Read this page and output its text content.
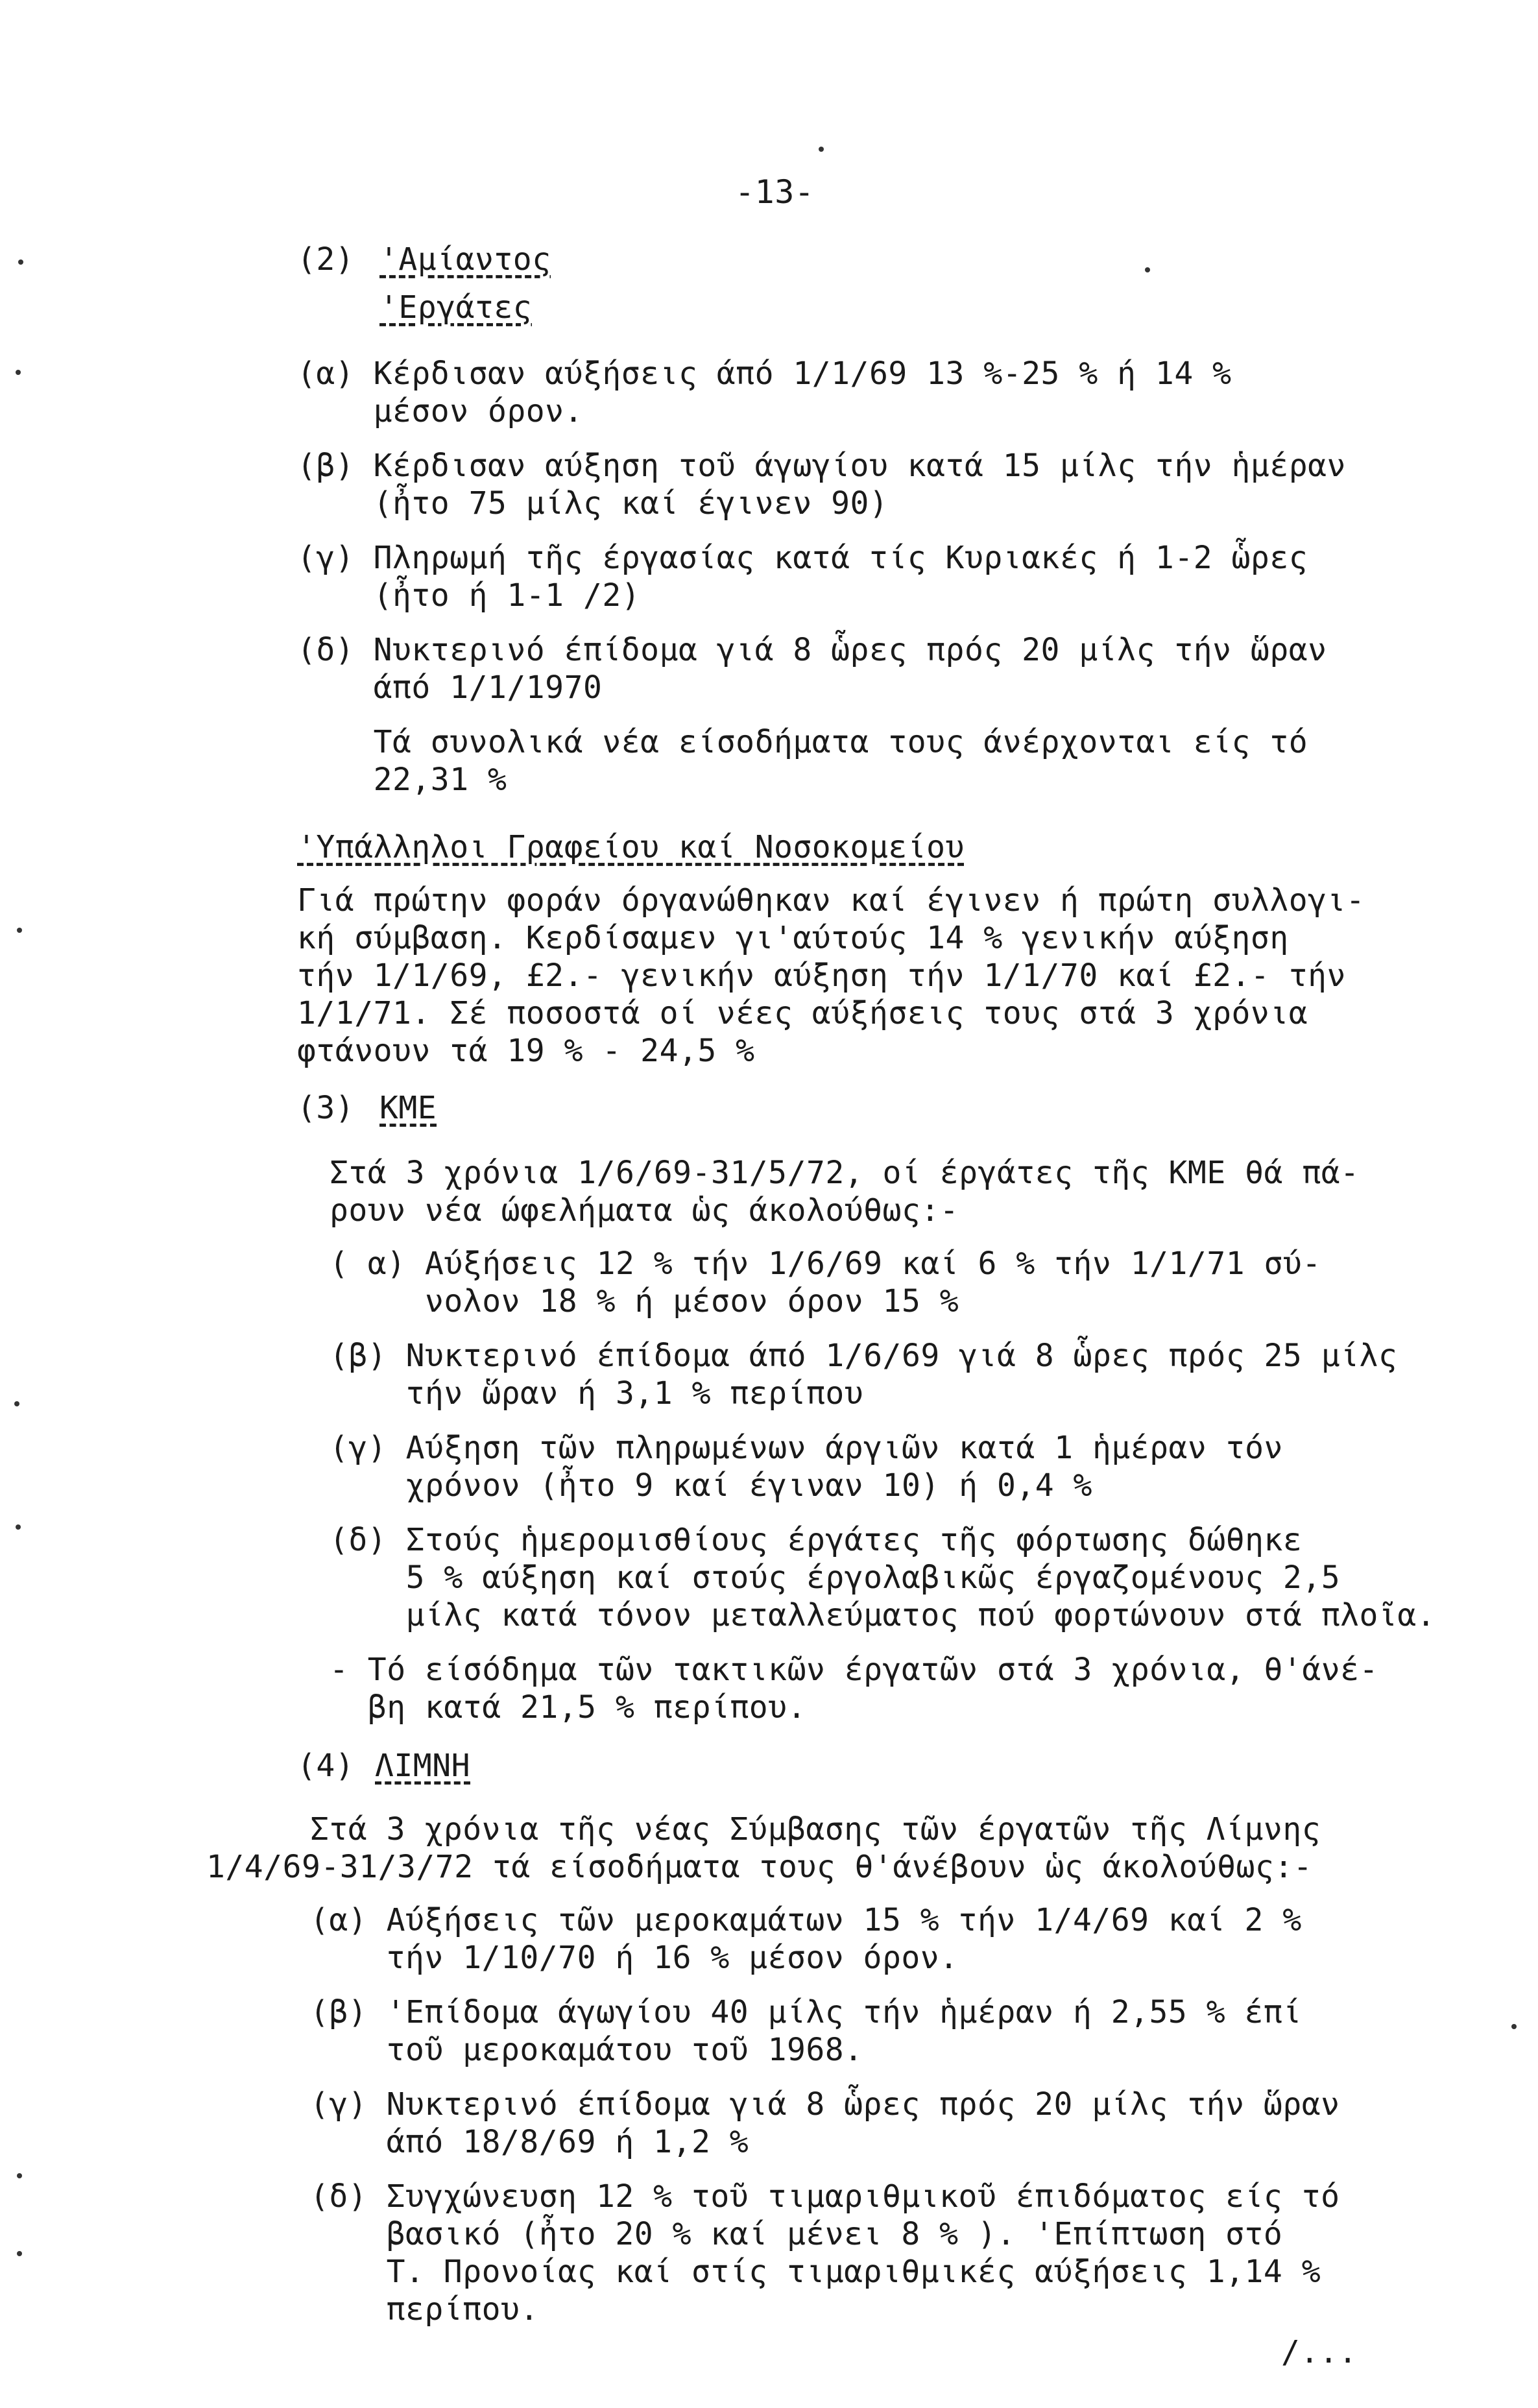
-13-
(2) 'Αμίαντος
'Εργάτες
(α) Κέρδισαν αύξήσεις άπό 1/1/69 13 %-25 % ή 14 %
μέσον όρον.
(β) Κέρδισαν αύξηση τοῦ άγωγίου κατά 15 μίλς τήν ἡμέραν
(ἦτο 75 μίλς καί έγινεν 90)
(γ) Πληρωμή τῆς έργασίας κατά τίς Κυριακές ή 1-2 ὧρες
(ἦτο ή 1-1 /2)
(δ) Νυκτερινό έπίδομα γιά 8 ὧρες πρός 20 μίλς τήν ὥραν
άπό 1/1/1970
Τά συνολικά νέα είσοδήματα τους άνέρχονται είς τό
22,31 %
'Υπάλληλοι Γραφείου καί Νοσοκομείου
Γιά πρώτην φοράν όργανώθηκαν καί έγινεν ή πρώτη συλλογι-
κή σύμβαση. Κερδίσαμεν γι'αύτούς 14 % γενικήν αύξηση
τήν 1/1/69, £2.- γενικήν αύξηση τήν 1/1/70 καί £2.- τήν
1/1/71. Σέ ποσοστά οί νέες αύξήσεις τους στά 3 χρόνια
φτάνουν τά 19 % - 24,5 %
(3) ΚΜΕ
Στά 3 χρόνια 1/6/69-31/5/72, οί έργάτες τῆς ΚΜΕ θά πά-
ρουν νέα ώφελήματα ὡς άκολούθως:-
( α) Αύξήσεις 12 % τήν 1/6/69 καί 6 % τήν 1/1/71 σύ-
νολον 18 % ή μέσον όρον 15 %
(β) Νυκτερινό έπίδομα άπό 1/6/69 γιά 8 ὧρες πρός 25 μίλς
τήν ὥραν ή 3,1 % περίπου
(γ) Αύξηση τῶν πληρωμένων άργιῶν κατά 1 ἡμέραν τόν
χρόνον (ἦτο 9 καί έγιναν 10) ή 0,4 %
(δ) Στούς ἡμερομισθίους έργάτες τῆς φόρτωσης δώθηκε
5 % αύξηση καί στούς έργολαβικῶς έργαζομένους 2,5
μίλς κατά τόνον μεταλλεύματος πού φορτώνουν στά πλοῖα.
- Τό είσόδημα τῶν τακτικῶν έργατῶν στά 3 χρόνια, θ'άνέ-
βη κατά 21,5 % περίπου.
(4) ΛΙΜΝΗ
Στά 3 χρόνια τῆς νέας Σύμβασης τῶν έργατῶν τῆς Λίμνης
1/4/69-31/3/72 τά είσοδήματα τους θ'άνέβουν ὡς άκολούθως:-
(α) Αύξήσεις τῶν μεροκαμάτων 15 % τήν 1/4/69 καί 2 %
τήν 1/10/70 ή 16 % μέσον όρον.
(β) 'Επίδομα άγωγίου 40 μίλς τήν ἡμέραν ή 2,55 % έπί
τοῦ μεροκαμάτου τοῦ 1968.
(γ) Νυκτερινό έπίδομα γιά 8 ὧρες πρός 20 μίλς τήν ὥραν
άπό 18/8/69 ή 1,2 %
(δ) Συγχώνευση 12 % τοῦ τιμαριθμικοῦ έπιδόματος είς τό
βασικό (ἦτο 20 % καί μένει 8 % ). 'Επίπτωση στό
Τ. Προνοίας καί στίς τιμαριθμικές αύξήσεις 1,14 %
περίπου.
/...
